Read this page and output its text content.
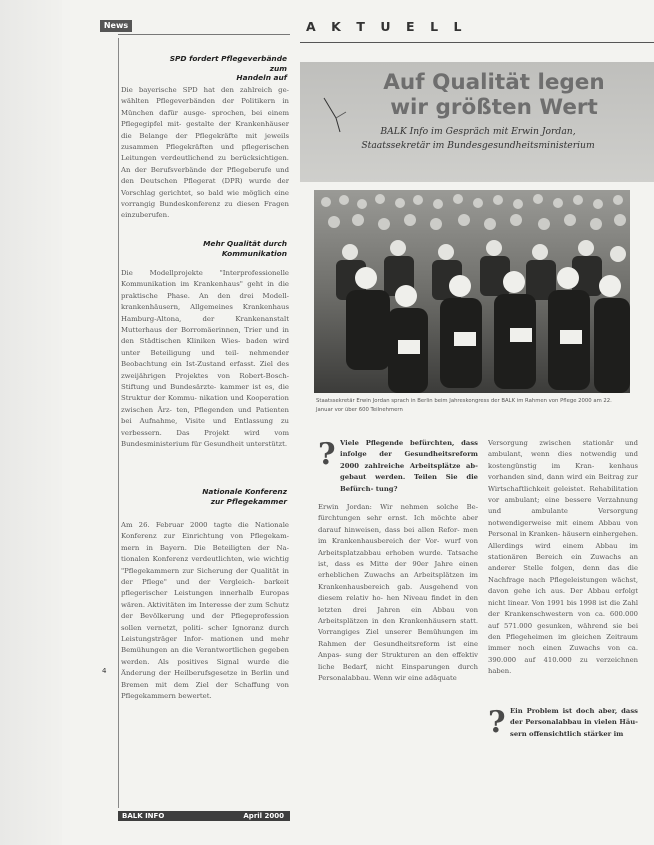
News
SPD fordert Pflegeverbände zum
Handeln auf
Die bayerische SPD hat den zahlreich ge- wählten Pflegeverbänden der Politikern in München dafür ausge- sprochen, bei einem Pflegegipfel mit- gestalte der Krankenhäuser die Belange der Pflegekräfte mit jeweils zusammen Pflegekräften und pflegerischen Leitungen verdeutlichend zu berücksichtigen. An der Berufsverbände der Pflegeberufe und den Deutschen Pflegerat (DPR) wurde der Vorschlag gerichtet, so bald wie möglich eine vorrangig Bundeskonferenz zu diesen Fragen einzuberufen.
Mehr Qualität durch
Kommunikation
Die Modellprojekte "Interprofessionelle Kommunikation im Krankenhaus" geht in die praktische Phase. An den drei Modell- krankenhäusern, Allgemeines Krankenhaus Hamburg-Altona, der Krankenanstalt Mutterhaus der Borromäerinnen, Trier und in den Städtischen Kliniken Wies- baden wird unter Beteiligung und teil- nehmender Beobachtung ein Ist-Zustand erfasst. Ziel des zweijährigen Projektes von Robert-Bosch-Stiftung und Bundesärzte- kammer ist es, die Struktur der Kommu- nikation und Kooperation zwischen Ärz- ten, Pflegenden und Patienten bei Aufnahme, Visite und Entlassung zu verbessern. Das Projekt wird vom Bundesministerium für Gesundheit unterstützt.
Nationale Konferenz
zur Pflegekammer
Am 26. Februar 2000 tagte die Nationale Konferenz zur Einrichtung von Pflegekam- mern in Bayern. Die Beteiligten der Na- tionalen Konferenz verdeutlichten, wie wichtig "Pflegekammern zur Sicherung der Qualität in der Pflege" und der Vergleich- barkeit pflegerischer Leistungen innerhalb Europas wären. Aktivitäten im Interesse der zum Schutz der Bevölkerung und der Pflegeprofession sollen vernetzt, politi- scher Ignoranz durch Leistungsträger Infor- mationen und mehr Bemühungen an die Verantwortlichen gegeben werden. Als positives Signal wurde die Änderung der Heilberufsgesetze in Berlin und Bremen mit dem Ziel der Schaffung von Pflegekammern bewertet.
4
BALK INFO	April 2000
AKTUELL
Auf Qualität legen
wir größten Wert
BALK Info im Gespräch mit Erwin Jordan,
Staatssekretär im Bundesgesundheitsministerium
Staatssekretär Erwin Jordan sprach in Berlin beim Jahreskongress der BALK im Rahmen von Pflege 2000 am 22. Januar vor über 600 Teilnehmern
? Viele Pflegende befürchten, dass infolge der Gesundheitsreform 2000 zahlreiche Arbeitsplätze ab- gebaut werden. Teilen Sie die Befürch- tung?
Erwin Jordan: Wir nehmen solche Be- fürchtungen sehr ernst. Ich möchte aber darauf hinweisen, dass bei allen Refor- men im Krankenhausbereich der Vor- wurf von Arbeitsplatzabbau erhoben wurde. Tatsache ist, dass es Mitte der 90er Jahre einen erheblichen Zuwachs an Arbeitsplätzen im Krankenhausbereich gab. Ausgehend von diesem relativ ho- hen Niveau findet in den letzten drei Jahren ein Abbau von Arbeitsplätzen in den Krankenhäusern statt. Vorrangiges Ziel unserer Bemühungen im Rahmen der Gesundheitsreform ist eine Anpas- sung der Strukturen an den effektiv liche Bedarf, nicht Einsparungen durch Personalabbau. Wenn wir eine adäquate
Versorgung zwischen stationär und ambulant, wenn dies notwendig und kostengünstig im Kran- kenhaus vorhanden sind, dann wird ein Beitrag zur Wirtschaftlichkeit geleistet. Rehabilitation vor ambulant; eine bessere Verzahnung und ambulante Versorgung notwendigerweise mit einem Abbau von Personal in Kranken- häusern einhergehen. Allerdings wird einem Abbau im stationären Bereich ein Zuwachs an anderer Stelle folgen, denn das die Nachfrage nach Pflegeleistungen wächst, davon gehe ich aus. Der Abbau erfolgt nicht linear. Von 1991 bis 1998 ist die Zahl der Krankenschwestern von ca. 600.000 auf 571.000 gesunken, während sie bei den Pflegeheimen im gleichen Zeitraum immer noch einen Zuwachs von ca. 390.000 auf 410.000 zu verzeichnen haben.
? Ein Problem ist doch aber, dass der Personalabbau in vielen Häu- sern offensichtlich stärker im
